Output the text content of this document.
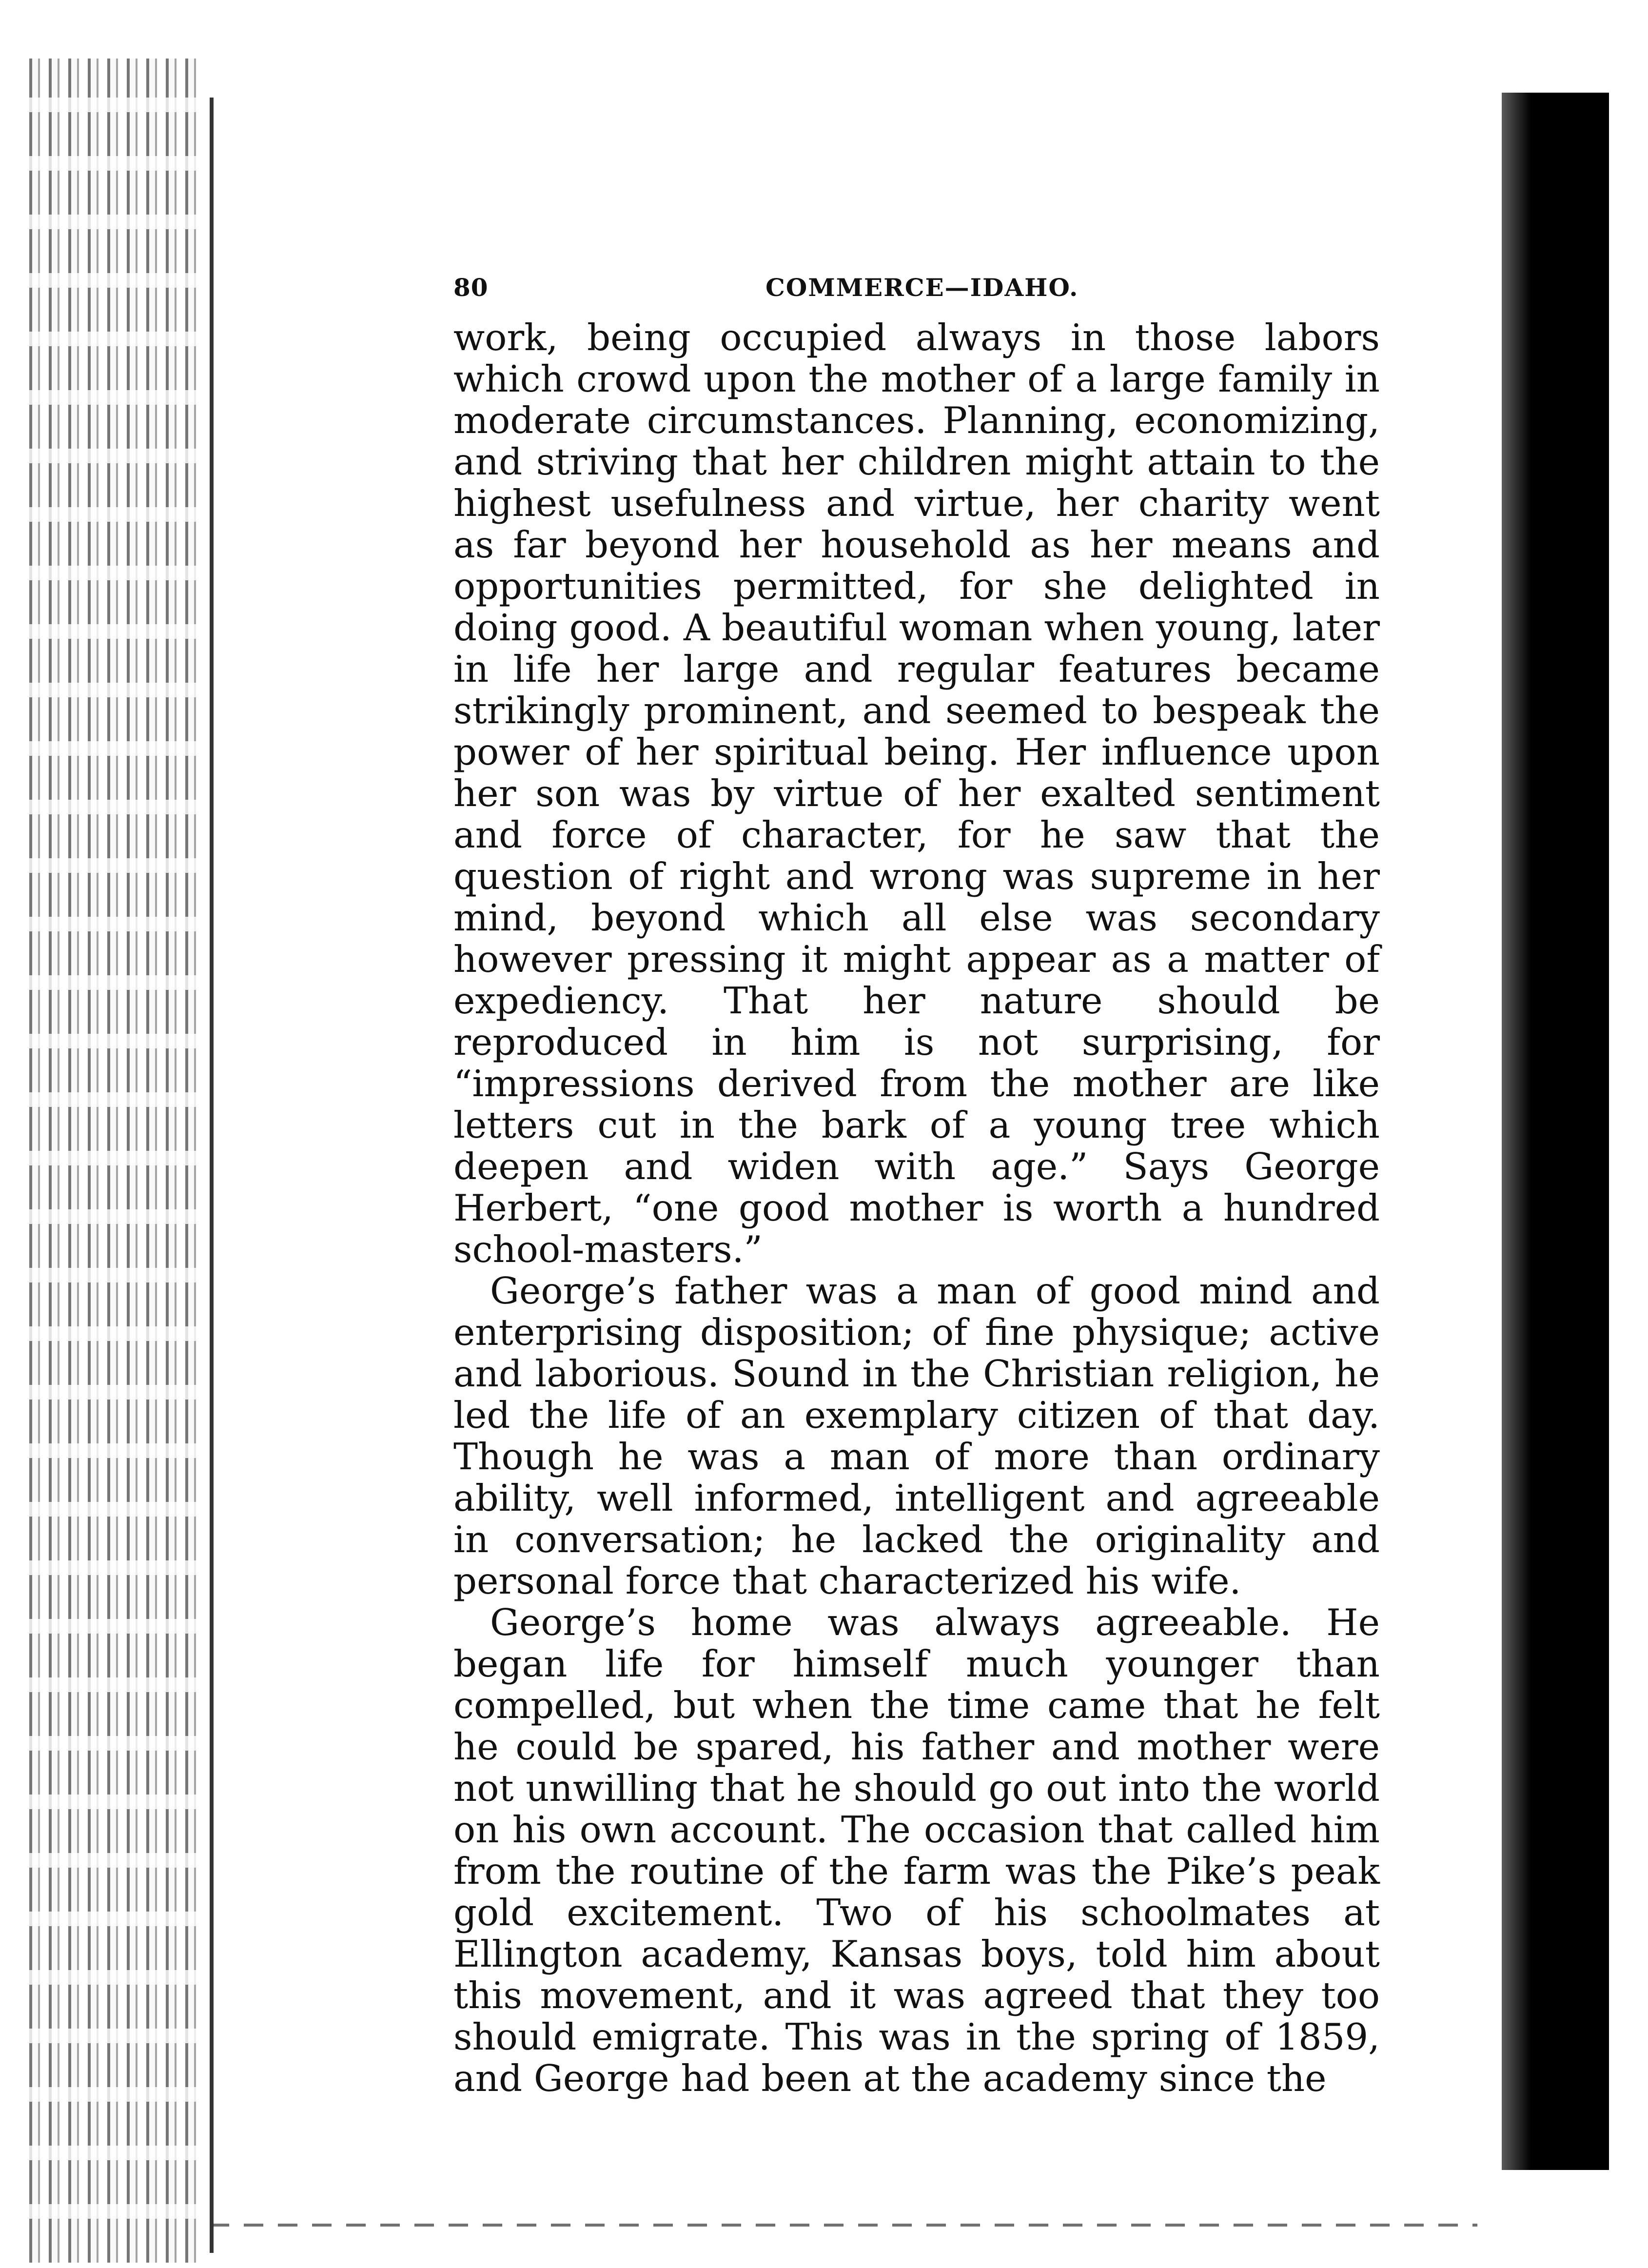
80	COMMERCE—IDAHO.

work, being occupied always in those labors which crowd upon the mother of a large family in moderate circumstances. Planning, economizing, and striving that her children might attain to the highest usefulness and virtue, her charity went as far beyond her household as her means and opportunities permitted, for she delighted in doing good. A beautiful woman when young, later in life her large and regular features became strikingly prominent, and seemed to bespeak the power of her spiritual being. Her influence upon her son was by virtue of her exalted sentiment and force of character, for he saw that the question of right and wrong was supreme in her mind, beyond which all else was secondary however pressing it might appear as a matter of expediency. That her nature should be reproduced in him is not surprising, for “impressions derived from the mother are like letters cut in the bark of a young tree which deepen and widen with age.” Says George Herbert, “one good mother is worth a hundred school-masters.”

George’s father was a man of good mind and enterprising disposition; of fine physique; active and laborious. Sound in the Christian religion, he led the life of an exemplary citizen of that day. Though he was a man of more than ordinary ability, well informed, intelligent and agreeable in conversation; he lacked the originality and personal force that characterized his wife.

George’s home was always agreeable. He began life for himself much younger than compelled, but when the time came that he felt he could be spared, his father and mother were not unwilling that he should go out into the world on his own account. The occasion that called him from the routine of the farm was the Pike’s peak gold excitement. Two of his schoolmates at Ellington academy, Kansas boys, told him about this movement, and it was agreed that they too should emigrate. This was in the spring of 1859, and George had been at the academy since the
